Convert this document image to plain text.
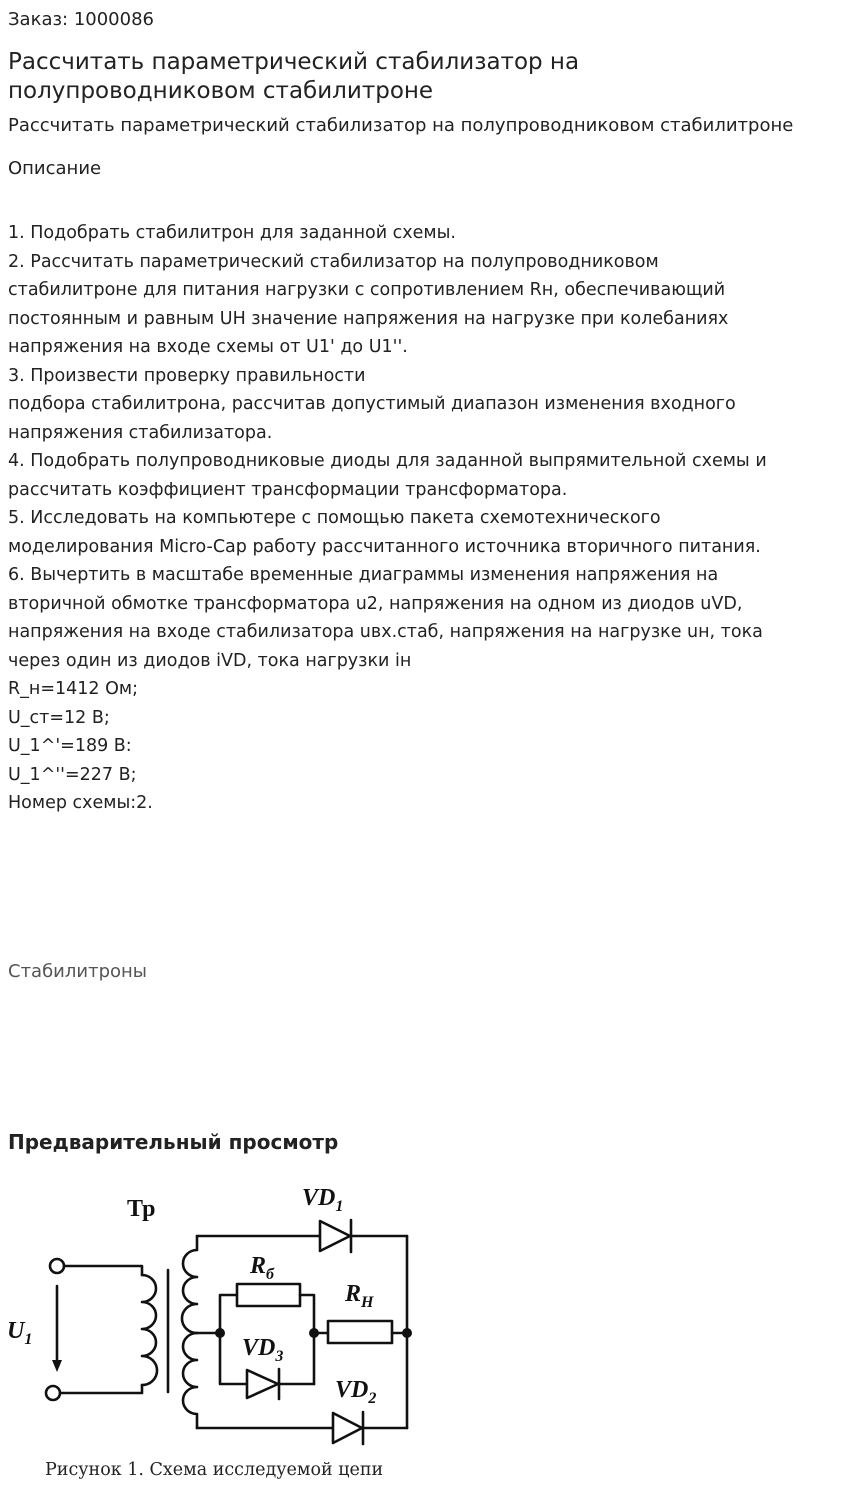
Заказ: 1000086
Рассчитать параметрический стабилизатор на полупроводниковом стабилитроне
Рассчитать параметрический стабилизатор на полупроводниковом стабилитроне
Описание
1. Подобрать стабилитрон для заданной схемы.
2. Рассчитать параметрический стабилизатор на полупроводниковом
стабилитроне для питания нагрузки с сопротивлением Rн, обеспечивающий
постоянным и равным UН значение напряжения на нагрузке при колебаниях
напряжения на входе схемы от U1' до U1''.
3. Произвести проверку правильности
подбора стабилитрона, рассчитав допустимый диапазон изменения входного
напряжения стабилизатора.
4. Подобрать полупроводниковые диоды для заданной выпрямительной схемы и
рассчитать коэффициент трансформации трансформатора.
5. Исследовать на компьютере с помощью пакета схемотехнического
моделирования Micro-Cap работу рассчитанного источника вторичного питания.
6. Вычертить в масштабе временные диаграммы изменения напряжения на
вторичной обмотке трансформатора u2, напряжения на одном из диодов uVD,
напряжения на входе стабилизатора uвх.стаб, напряжения на нагрузке uн, тока
через один из диодов iVD, тока нагрузки iн
R_н=1412 Ом;
U_ст=12 В;
U_1^'=189 В:
U_1^''=227 В;
Номер схемы:2.
Стабилитроны
Предварительный просмотр
Тр	$VD_1$
$VD_2$
$VD_3$
$R_б$
$R_Н$
$U_1$
Рисунок 1. Схема исследуемой цепи
